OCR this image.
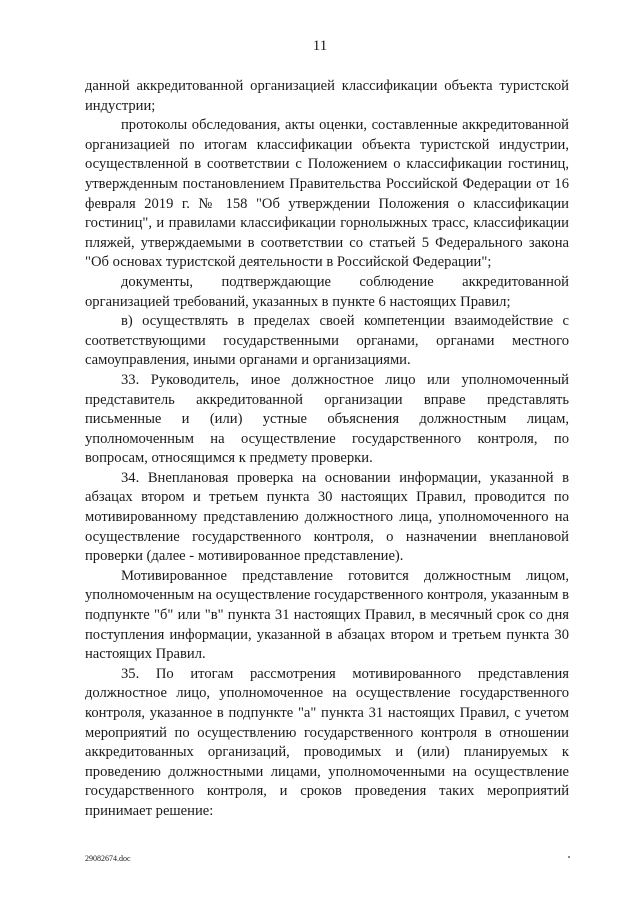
11

данной аккредитованной организацией классификации объекта туристской индустрии;

протоколы обследования, акты оценки, составленные аккредитованной организацией по итогам классификации объекта туристской индустрии, осуществленной в соответствии с Положением о классификации гостиниц, утвержденным постановлением Правительства Российской Федерации от 16 февраля 2019 г. № 158 "Об утверждении Положения о классификации гостиниц", и правилами классификации горнолыжных трасс, классификации пляжей, утверждаемыми в соответствии со статьей 5 Федерального закона "Об основах туристской деятельности в Российской Федерации";

документы, подтверждающие соблюдение аккредитованной организацией требований, указанных в пункте 6 настоящих Правил;

в) осуществлять в пределах своей компетенции взаимодействие с соответствующими государственными органами, органами местного самоуправления, иными органами и организациями.

33. Руководитель, иное должностное лицо или уполномоченный представитель аккредитованной организации вправе представлять письменные и (или) устные объяснения должностным лицам, уполномоченным на осуществление государственного контроля, по вопросам, относящимся к предмету проверки.

34. Внеплановая проверка на основании информации, указанной в абзацах втором и третьем пункта 30 настоящих Правил, проводится по мотивированному представлению должностного лица, уполномоченного на осуществление государственного контроля, о назначении внеплановой проверки (далее - мотивированное представление).

Мотивированное представление готовится должностным лицом, уполномоченным на осуществление государственного контроля, указанным в подпункте "б" или "в" пункта 31 настоящих Правил, в месячный срок со дня поступления информации, указанной в абзацах втором и третьем пункта 30 настоящих Правил.

35. По итогам рассмотрения мотивированного представления должностное лицо, уполномоченное на осуществление государственного контроля, указанное в подпункте "а" пункта 31 настоящих Правил, с учетом мероприятий по осуществлению государственного контроля в отношении аккредитованных организаций, проводимых и (или) планируемых к проведению должностными лицами, уполномоченными на осуществление государственного контроля, и сроков проведения таких мероприятий принимает решение:

29082674.doc
